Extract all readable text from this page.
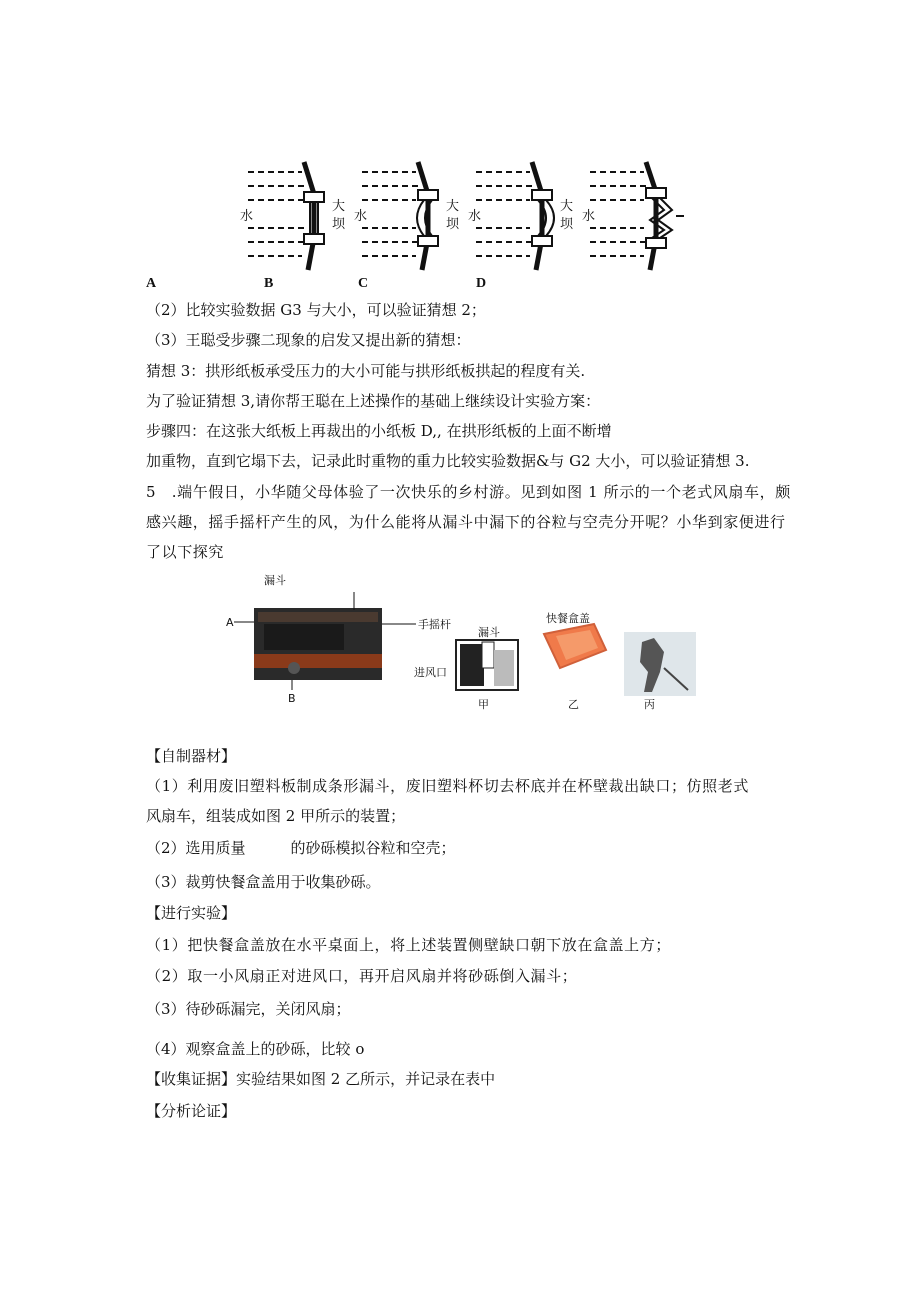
水
大
坝
水
大
坝
水
大
坝
水
A	B	C	D
（2）比较实验数据 G3 与大小，可以验证猜想 2；
（3）王聪受步骤二现象的启发又提出新的猜想：
猜想 3：拱形纸板承受压力的大小可能与拱形纸板拱起的程度有关.
为了验证猜想 3,请你帮王聪在上述操作的基础上继续设计实验方案：
步骤四：在这张大纸板上再裁出的小纸板 D,, 在拱形纸板的上面不断增
加重物，直到它塌下去，记录此时重物的重力比较实验数据&与 G2 大小，可以验证猜想 3.
5　.端午假日，小华随父母体验了一次快乐的乡村游。见到如图 1 所示的一个老式风扇车，颇
感兴趣，摇手摇杆产生的风，为什么能将从漏斗中漏下的谷粒与空壳分开呢？小华到家便进行
了以下探究
漏斗
A
B
手摇杆
漏斗
进风口
快餐盒盖
甲	乙	丙
【自制器材】
（1）利用废旧塑料板制成条形漏斗，废旧塑料杯切去杯底并在杯壁裁出缺口；仿照老式
风扇车，组装成如图 2 甲所示的装置；
（2）选用质量　　　的砂砾模拟谷粒和空壳；
（3）裁剪快餐盒盖用于收集砂砾。
【进行实验】
（1）把快餐盒盖放在水平桌面上，将上述装置侧壁缺口朝下放在盒盖上方；
（2）取一小风扇正对进风口，再开启风扇并将砂砾倒入漏斗；
（3）待砂砾漏完，关闭风扇；
（4）观察盒盖上的砂砾，比较 o
【收集证据】实验结果如图 2 乙所示，并记录在表中
【分析论证】
